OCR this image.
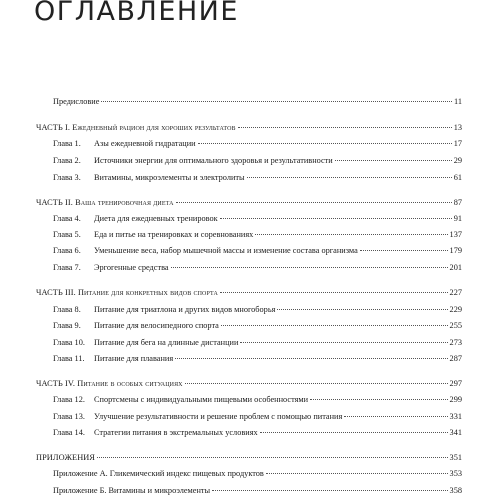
ОГЛАВЛЕНИЕ
Предисловие	11
ЧАСТЬ I. Ежедневный рацион для хороших результатов	13
Глава 1.	Азы ежедневной гидратации	17
Глава 2.	Источники энергии для оптимального здоровья и результативности	29
Глава 3.	Витамины, микроэлементы и электролиты	61
ЧАСТЬ II. Ваша тренировочная диета	87
Глава 4.	Диета для ежедневных тренировок	91
Глава 5.	Еда и питье на тренировках и соревнованиях	137
Глава 6.	Уменьшение веса, набор мышечной массы и изменение состава организма	179
Глава 7.	Эргогенные средства	201
ЧАСТЬ III. Питание для конкретных видов спорта	227
Глава 8.	Питание для триатлона и других видов многоборья	229
Глава 9.	Питание для велосипедного спорта	255
Глава 10.	Питание для бега на длинные дистанции	273
Глава 11.	Питание для плавания	287
ЧАСТЬ IV. Питание в особых ситуациях	297
Глава 12.	Спортсмены с индивидуальными пищевыми особенностями	299
Глава 13.	Улучшение результативности и решение проблем с помощью питания	331
Глава 14.	Стратегии питания в экстремальных условиях	341
ПРИЛОЖЕНИЯ	351
Приложение А. Гликемический индекс пищевых продуктов	353
Приложение Б. Витамины и микроэлементы	358
